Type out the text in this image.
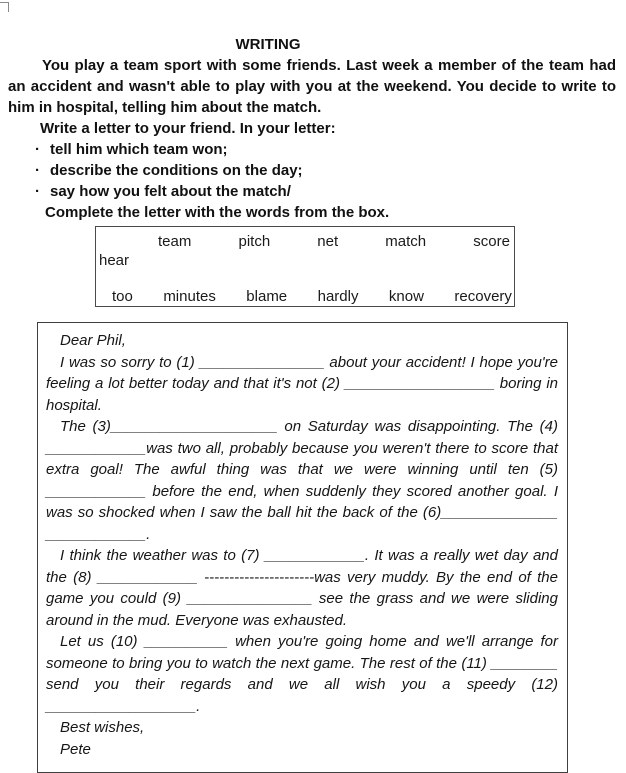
WRITING

You play a team sport with some friends. Last week a member of the team had an accident and wasn't able to play with you at the weekend. You decide to write to him in hospital, telling him about the match.

Write a letter to your friend. In your letter:

· tell him which team won;
· describe the conditions on the day;
· say how you felt about the match/

Complete the letter with the words from the box.

team	pitch	net	match	score
hear
too minutes blame hardly know recovery

Dear Phil,

I was so sorry to (1) _______________ about your accident! I hope you're feeling a lot better today and that it's not (2) __________________ boring in hospital.

The (3)____________________ on Saturday was disappointing. The (4) ____________was two all, probably because you weren't there to score that extra goal! The awful thing was that we were winning until ten (5) ____________ before the end, when suddenly they scored another goal. I was so shocked when I saw the ball hit the back of the (6)______________ ____________.

I think the weather was to (7) ____________. It was a really wet day and the (8) ____________ ----------------------was very muddy. By the end of the game you could (9) _______________ see the grass and we were sliding around in the mud. Everyone was exhausted.

Let us (10) __________ when you're going home and we'll arrange for someone to bring you to watch the next game. The rest of the (11) ________ send you their regards and we all wish you a speedy (12) __________________.

Best wishes,

Pete
